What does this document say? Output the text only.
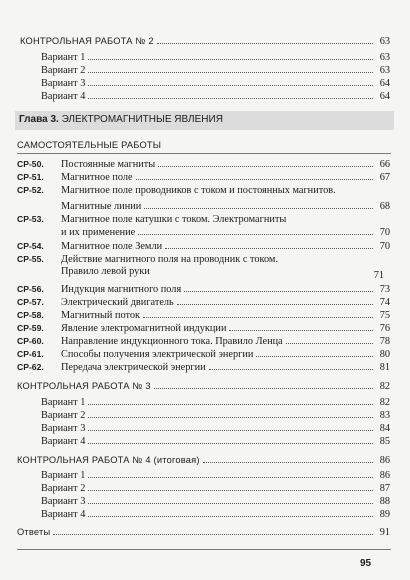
КОНТРОЛЬНАЯ РАБОТА № 2	63
Вариант 1	63
Вариант 2	63
Вариант 3	64
Вариант 4	64
Глава 3. ЭЛЕКТРОМАГНИТНЫЕ ЯВЛЕНИЯ
САМОСТОЯТЕЛЬНЫЕ РАБОТЫ
СР-50. Постоянные магниты	66
СР-51. Магнитное поле	67
СР-52. Магнитное поле проводников с током и постоянных магнитов.
Магнитные линии	68
СР-53. Магнитное поле катушки с током. Электромагниты
и их применение	70
СР-54. Магнитное поле Земли	70
СР-55. Действие магнитного поля на проводник с током.
Правило левой руки	71
СР-56. Индукция магнитного поля	73
СР-57. Электрический двигатель	74
СР-58. Магнитный поток	75
СР-59. Явление электромагнитной индукции	76
СР-60. Направление индукционного тока. Правило Ленца	78
СР-61. Способы получения электрической энергии	80
СР-62. Передача электрической энергии	81
КОНТРОЛЬНАЯ РАБОТА № 3	82
Вариант 1	82
Вариант 2	83
Вариант 3	84
Вариант 4	85
КОНТРОЛЬНАЯ РАБОТА № 4 (итоговая)	86
Вариант 1	86
Вариант 2	87
Вариант 3	88
Вариант 4	89
Ответы	91
95
